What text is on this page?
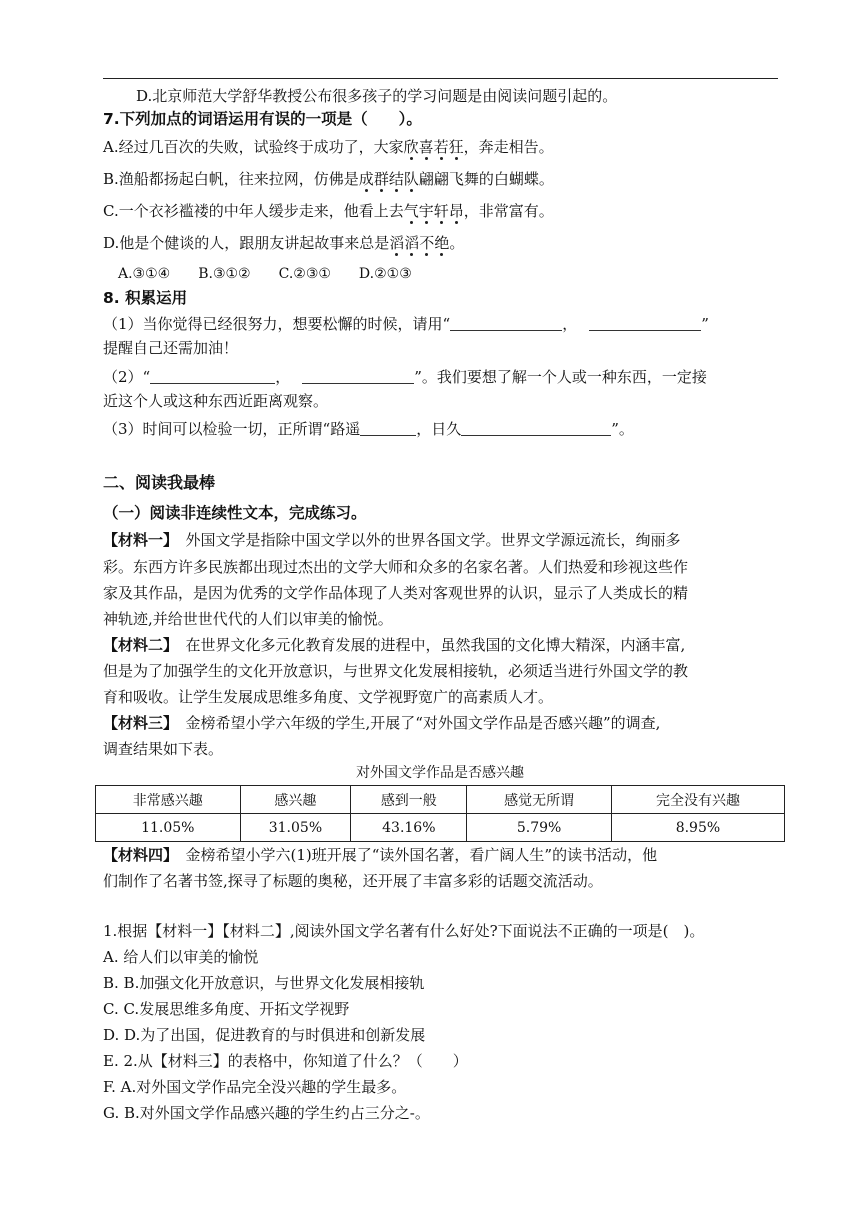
D.北京师范大学舒华教授公布很多孩子的学习问题是由阅读问题引起的。
7.下列加点的词语运用有误的一项是（　　）。
A.经过几百次的失败，试验终于成功了，大家欣喜若狂，奔走相告。
B.渔船都扬起白帆，往来拉网，仿佛是成群结队翩翩飞舞的白蝴蝶。
C.一个衣衫褴褛的中年人缓步走来，他看上去气宇轩昂，非常富有。
D.他是个健谈的人，跟朋友讲起故事来总是滔滔不绝。
A.③①④　　B.③①②　　C.②③①　　D.②①③
8. 积累运用
（1）当你觉得已经很努力，想要松懈的时候，请用“	，	”
提醒自己还需加油！
（2）“	，	”。我们要想了解一个人或一种东西，一定接
近这个人或这种东西近距离观察。
（3）时间可以检验一切，正所谓“路遥	，日久	”。
二、阅读我最棒
（一）阅读非连续性文本，完成练习。
【材料一】　外国文学是指除中国文学以外的世界各国文学。世界文学源远流长，绚丽多
彩。东西方许多民族都出现过杰出的文学大师和众多的名家名著。人们热爱和珍视这些作
家及其作品，是因为优秀的文学作品体现了人类对客观世界的认识，显示了人类成长的精
神轨迹,并给世世代代的人们以审美的愉悦。
【材料二】　在世界文化多元化教育发展的进程中，虽然我国的文化博大精深，内涵丰富,
但是为了加强学生的文化开放意识，与世界文化发展相接轨，必须适当进行外国文学的教
育和吸收。让学生发展成思维多角度、文学视野宽广的高素质人才。
【材料三】　金榜希望小学六年级的学生,开展了“对外国文学作品是否感兴趣”的调查,
调查结果如下表。
对外国文学作品是否感兴趣
非常感兴趣	感兴趣	感到一般	感觉无所谓	完全没有兴趣
11.05%	31.05%	43.16%	5.79%	8.95%
【材料四】　金榜希望小学六(1)班开展了“读外国名著，看广阔人生”的读书活动，他
们制作了名著书签,探寻了标题的奥秘，还开展了丰富多彩的话题交流活动。
1.根据【材料一】【材料二】,阅读外国文学名著有什么好处?下面说法不正确的一项是(　)。
A. 给人们以审美的愉悦
B. B.加强文化开放意识，与世界文化发展相接轨
C. C.发展思维多角度、开拓文学视野
D. D.为了出国，促进教育的与时俱进和创新发展
E. 2.从【材料三】的表格中，你知道了什么？（　　）
F. A.对外国文学作品完全没兴趣的学生最多。
G. B.对外国文学作品感兴趣的学生约占三分之-。
